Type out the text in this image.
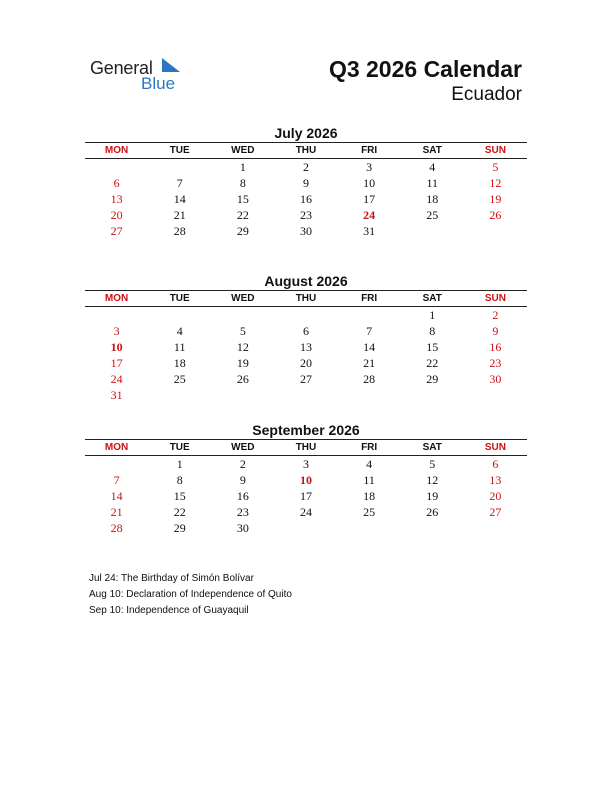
General
Blue
Q3 2026 Calendar
Ecuador
July 2026
MON	TUE	WED	THU	FRI	SAT	SUN
		1	2	3	4	5
6	7	8	9	10	11	12
13	14	15	16	17	18	19
20	21	22	23	24	25	26
27	28	29	30	31		
August 2026
MON	TUE	WED	THU	FRI	SAT	SUN
					1	2
3	4	5	6	7	8	9
10	11	12	13	14	15	16
17	18	19	20	21	22	23
24	25	26	27	28	29	30
31						
September 2026
MON	TUE	WED	THU	FRI	SAT	SUN
	1	2	3	4	5	6
7	8	9	10	11	12	13
14	15	16	17	18	19	20
21	22	23	24	25	26	27
28	29	30				
Jul 24: The Birthday of Simón Bolívar
Aug 10: Declaration of Independence of Quito
Sep 10: Independence of Guayaquil
